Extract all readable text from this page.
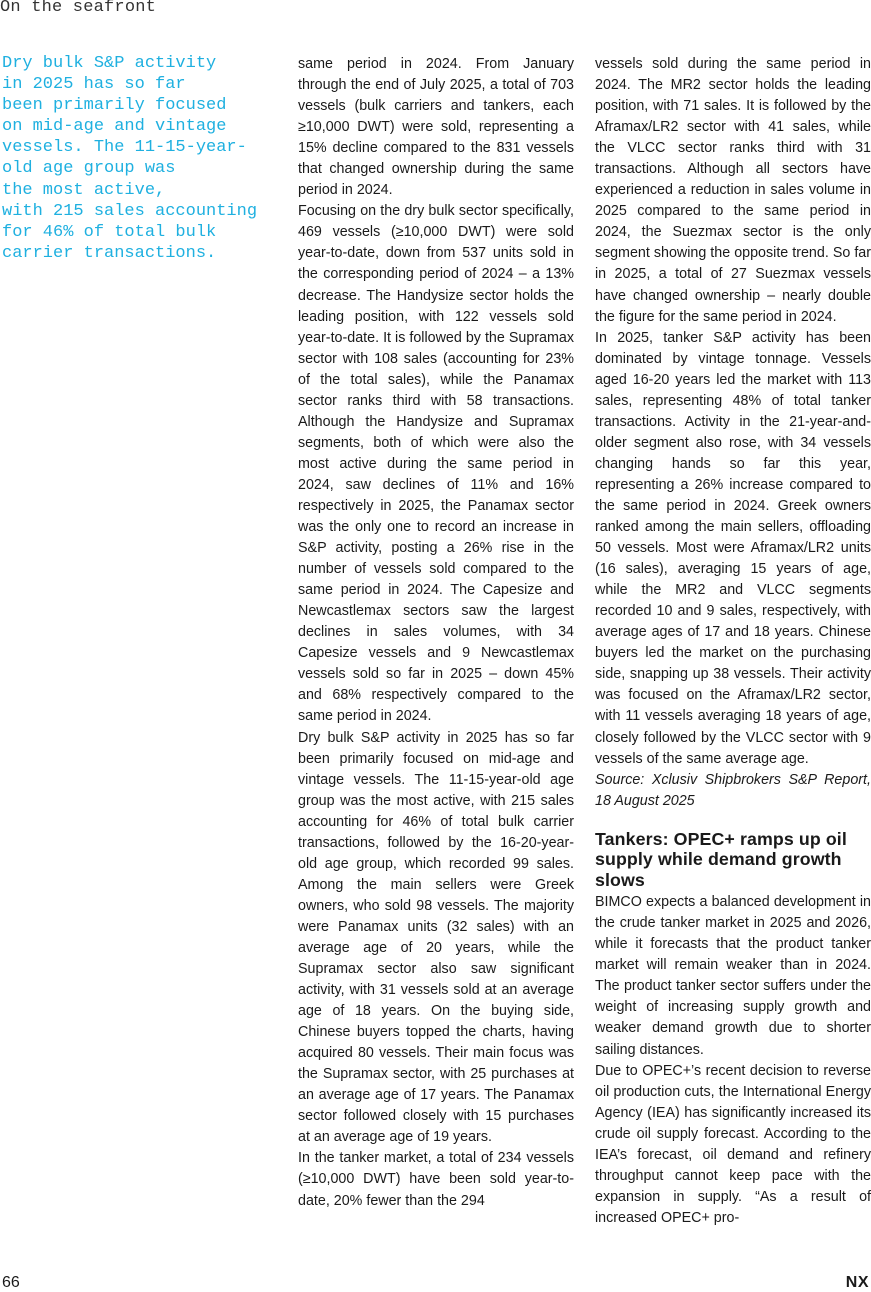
On the seafront
Dry bulk S&P activity
in 2025 has so far
been primarily focused
on mid-age and vintage
vessels. The 11-15-year-
old age group was
the most active,
with 215 sales accounting
for 46% of total bulk
carrier transactions.

same period in 2024. From January through the end of July 2025, a total of 703 vessels (bulk carriers and tankers, each ≥10,000 DWT) were sold, representing a 15% decline compared to the 831 vessels that changed ownership during the same period in 2024.

Focusing on the dry bulk sector specifically, 469 vessels (≥10,000 DWT) were sold year-to-date, down from 537 units sold in the corresponding period of 2024 – a 13% decrease. The Handysize sector holds the leading position, with 122 vessels sold year-to-date. It is followed by the Supramax sector with 108 sales (accounting for 23% of the total sales), while the Panamax sector ranks third with 58 transactions. Although the Handysize and Supramax segments, both of which were also the most active during the same period in 2024, saw declines of 11% and 16% respectively in 2025, the Panamax sector was the only one to record an increase in S&P activity, posting a 26% rise in the number of vessels sold compared to the same period in 2024. The Capesize and Newcastlemax sectors saw the largest declines in sales volumes, with 34 Capesize vessels and 9 Newcastlemax vessels sold so far in 2025 – down 45% and 68% respectively compared to the same period in 2024.

Dry bulk S&P activity in 2025 has so far been primarily focused on mid-age and vintage vessels. The 11-15-year-old age group was the most active, with 215 sales accounting for 46% of total bulk carrier transactions, followed by the 16-20-year-old age group, which recorded 99 sales. Among the main sellers were Greek owners, who sold 98 vessels. The majority were Panamax units (32 sales) with an average age of 20 years, while the Supramax sector also saw significant activity, with 31 vessels sold at an average age of 18 years. On the buying side, Chinese buyers topped the charts, having acquired 80 vessels. Their main focus was the Supramax sector, with 25 purchases at an average age of 17 years. The Panamax sector followed closely with 15 purchases at an average age of 19 years.

In the tanker market, a total of 234 vessels (≥10,000 DWT) have been sold year-to-date, 20% fewer than the 294

vessels sold during the same period in 2024. The MR2 sector holds the leading position, with 71 sales. It is followed by the Aframax/LR2 sector with 41 sales, while the VLCC sector ranks third with 31 transactions. Although all sectors have experienced a reduction in sales volume in 2025 compared to the same period in 2024, the Suezmax sector is the only segment showing the opposite trend. So far in 2025, a total of 27 Suezmax vessels have changed ownership – nearly double the figure for the same period in 2024.

In 2025, tanker S&P activity has been dominated by vintage tonnage. Vessels aged 16-20 years led the market with 113 sales, representing 48% of total tanker transactions. Activity in the 21-year-and-older segment also rose, with 34 vessels changing hands so far this year, representing a 26% increase compared to the same period in 2024. Greek owners ranked among the main sellers, offloading 50 vessels. Most were Aframax/LR2 units (16 sales), averaging 15 years of age, while the MR2 and VLCC segments recorded 10 and 9 sales, respectively, with average ages of 17 and 18 years. Chinese buyers led the market on the purchasing side, snapping up 38 vessels. Their activity was focused on the Aframax/LR2 sector, with 11 vessels averaging 18 years of age, closely followed by the VLCC sector with 9 vessels of the same average age.

Source: Xclusiv Shipbrokers S&P Report, 18 August 2025

Tankers: OPEC+ ramps up oil supply while demand growth slows

BIMCO expects a balanced development in the crude tanker market in 2025 and 2026, while it forecasts that the product tanker market will remain weaker than in 2024. The product tanker sector suffers under the weight of increasing supply growth and weaker demand growth due to shorter sailing distances.

Due to OPEC+’s recent decision to reverse oil production cuts, the International Energy Agency (IEA) has significantly increased its crude oil supply forecast. According to the IEA’s forecast, oil demand and refinery throughput cannot keep pace with the expansion in supply. “As a result of increased OPEC+ pro-

66	NX
